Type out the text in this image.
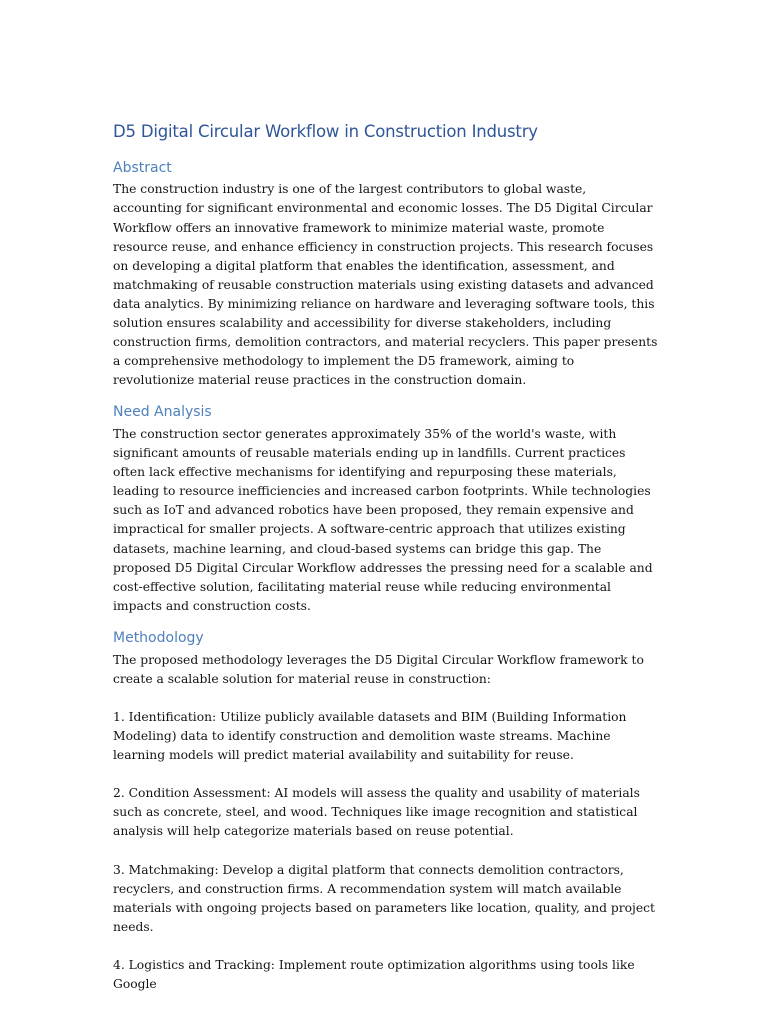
D5 Digital Circular Workflow in Construction Industry
Abstract

The construction industry is one of the largest contributors to global waste, accounting for significant environmental and economic losses. The D5 Digital Circular Workflow offers an innovative framework to minimize material waste, promote resource reuse, and enhance efficiency in construction projects. This research focuses on developing a digital platform that enables the identification, assessment, and matchmaking of reusable construction materials using existing datasets and advanced data analytics. By minimizing reliance on hardware and leveraging software tools, this solution ensures scalability and accessibility for diverse stakeholders, including construction firms, demolition contractors, and material recyclers. This paper presents a comprehensive methodology to implement the D5 framework, aiming to revolutionize material reuse practices in the construction domain.

Need Analysis

The construction sector generates approximately 35% of the world's waste, with significant amounts of reusable materials ending up in landfills. Current practices often lack effective mechanisms for identifying and repurposing these materials, leading to resource inefficiencies and increased carbon footprints. While technologies such as IoT and advanced robotics have been proposed, they remain expensive and impractical for smaller projects. A software-centric approach that utilizes existing datasets, machine learning, and cloud-based systems can bridge this gap. The proposed D5 Digital Circular Workflow addresses the pressing need for a scalable and cost-effective solution, facilitating material reuse while reducing environmental impacts and construction costs.

Methodology

The proposed methodology leverages the D5 Digital Circular Workflow framework to create a scalable solution for material reuse in construction:

1. Identification: Utilize publicly available datasets and BIM (Building Information Modeling) data to identify construction and demolition waste streams. Machine learning models will predict material availability and suitability for reuse.

2. Condition Assessment: AI models will assess the quality and usability of materials such as concrete, steel, and wood. Techniques like image recognition and statistical analysis will help categorize materials based on reuse potential.

3. Matchmaking: Develop a digital platform that connects demolition contractors, recyclers, and construction firms. A recommendation system will match available materials with ongoing projects based on parameters like location, quality, and project needs.

4. Logistics and Tracking: Implement route optimization algorithms using tools like Google
